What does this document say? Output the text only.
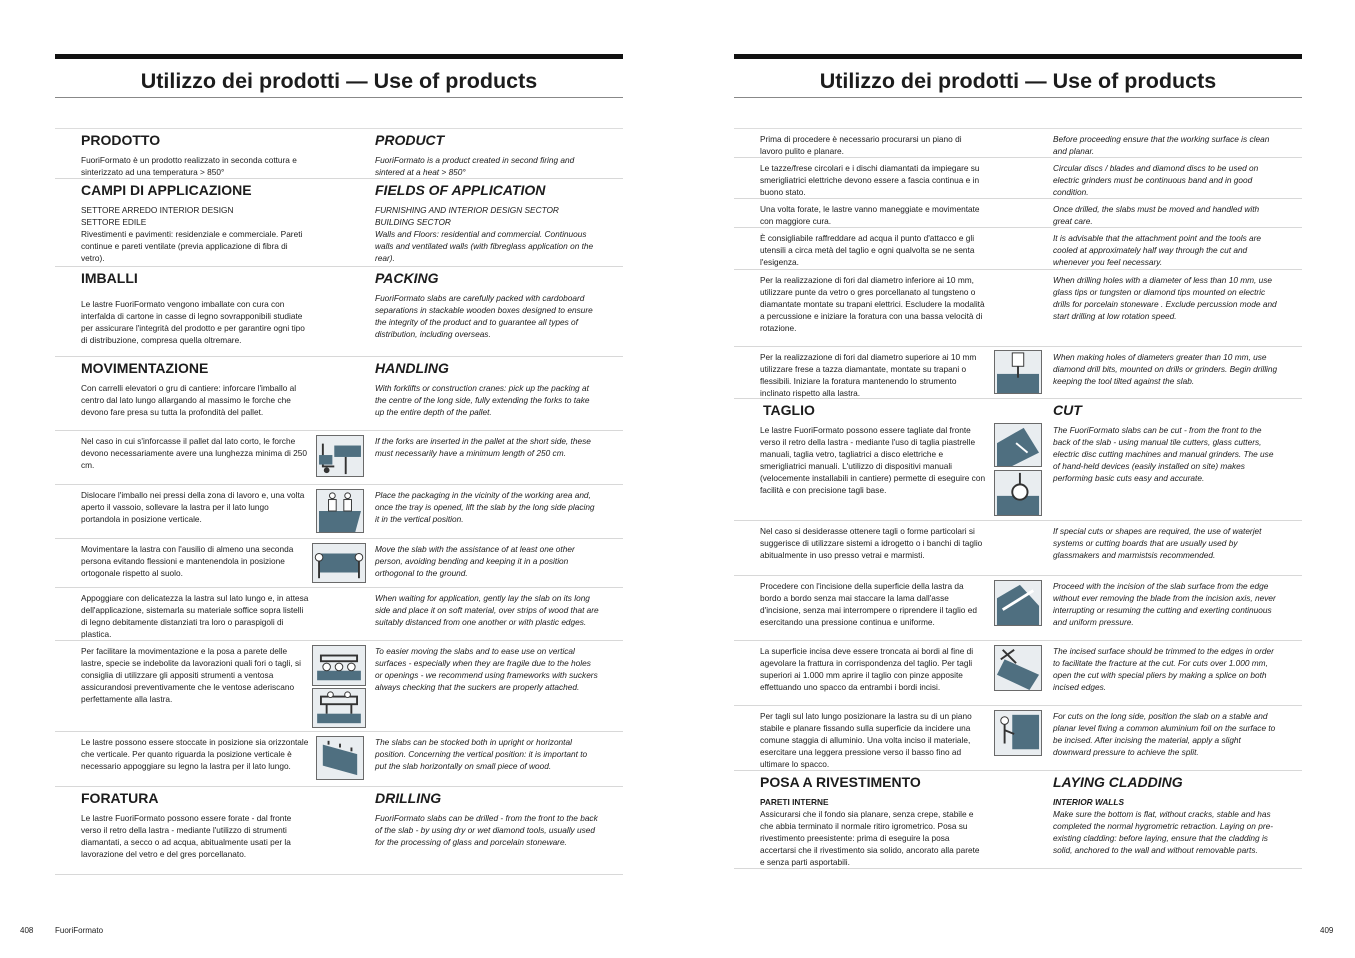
Utilizzo dei prodotti — Use of products
PRODOTTO	PRODUCT
FuoriFormato è un prodotto realizzato in seconda cottura e sinterizzato ad una temperatura > 850°
FuoriFormato is a product created in second firing and sintered at a heat > 850°
CAMPI DI APPLICAZIONE	FIELDS OF APPLICATION
SETTORE ARREDO INTERIOR DESIGN
SETTORE EDILE
Rivestimenti e pavimenti: residenziale e commerciale. Pareti continue e pareti ventilate (previa applicazione di fibra di vetro).
FURNISHING AND INTERIOR DESIGN SECTOR
BUILDING SECTOR
Walls and Floors: residential and commercial. Continuous walls and ventilated walls (with fibreglass application on the rear).
IMBALLI	PACKING
Le lastre FuoriFormato vengono imballate con cura con interfalda di cartone in casse di legno sovrapponibili studiate per assicurare l'integrità del prodotto e per garantire ogni tipo di distribuzione, compresa quella oltremare.
FuoriFormato slabs are carefully packed with cardoboard separations in stackable wooden boxes designed to ensure the integrity of the product and to guarantee all types of distribution, including overseas.
MOVIMENTAZIONE	HANDLING
Con carrelli elevatori o gru di cantiere: inforcare l'imballo al centro dal lato lungo allargando al massimo le forche che devono fare presa su tutta la profondità del pallet.
With forklifts or construction cranes: pick up the packing at the centre of the long side, fully extending the forks to take up the entire depth of the pallet.
Nel caso in cui s'inforcasse il pallet dal lato corto, le forche devono necessariamente avere una lunghezza minima di 250 cm.
If the forks are inserted in the pallet at the short side, these must necessarily have a minimum length of 250 cm.
Dislocare l'imballo nei pressi della zona di lavoro e, una volta aperto il vassoio, sollevare la lastra per il lato lungo portandola in posizione verticale.
Place the packaging in the vicinity of the working area and, once the tray is opened, lift the slab by the long side placing it in the vertical position.
Movimentare la lastra con l'ausilio di almeno una seconda persona evitando flessioni e mantenendola in posizione ortogonale rispetto al suolo.
Move the slab with the assistance of at least one other person, avoiding bending and keeping it in a position orthogonal to the ground.
Appoggiare con delicatezza la lastra sul lato lungo e, in attesa dell'applicazione, sistemarla su materiale soffice sopra listelli di legno debitamente distanziati tra loro o paraspigoli di plastica.
When waiting for application, gently lay the slab on its long side and place it on soft material, over strips of wood that are suitably distanced from one another or with plastic edges.
Per facilitare la movimentazione e la posa a parete delle lastre, specie se indebolite da lavorazioni quali fori o tagli, si consiglia di utilizzare gli appositi strumenti a ventosa assicurandosi preventivamente che le ventose aderiscano perfettamente alla lastra.
To easier moving the slabs and to ease use on vertical surfaces - especially when they are fragile due to the holes or openings - we recommend using frameworks with suckers always checking that the suckers are properly attached.
Le lastre possono essere stoccate in posizione sia orizzontale che verticale. Per quanto riguarda la posizione verticale è necessario appoggiare su legno la lastra per il lato lungo.
The slabs can be stocked both in upright or horizontal position. Concerning the vertical position: it is important to put the slab horizontally on small piece of wood.
FORATURA	DRILLING
Le lastre FuoriFormato possono essere forate - dal fronte verso il retro della lastra - mediante l'utilizzo di strumenti diamantati, a secco o ad acqua, abitualmente usati per la lavorazione del vetro e del gres porcellanato.
FuoriFormato slabs can be drilled - from the front to the back of the slab - by using dry or wet diamond tools, usually used for the processing of glass and porcelain stoneware.
408	FuoriFormato
Utilizzo dei prodotti — Use of products
Prima di procedere è necessario procurarsi un piano di lavoro pulito e planare.
Before proceeding ensure that the working surface is clean and planar.
Le tazze/frese circolari e i dischi diamantati da impiegare su smerigliatrici elettriche devono essere a fascia continua e in buono stato.
Circular discs / blades and diamond discs to be used on electric grinders must be continuous band and in good condition.
Una volta forate, le lastre vanno maneggiate e movimentate con maggiore cura.
Once drilled, the slabs must be moved and handled with great care.
È consigliabile raffreddare ad acqua il punto d'attacco e gli utensili a circa metà del taglio e ogni qualvolta se ne senta l'esigenza.
It is advisable that the attachment point and the tools are cooled at approximately half way through the cut and whenever you feel necessary.
Per la realizzazione di fori dal diametro inferiore ai 10 mm, utilizzare punte da vetro o gres porcellanato al tungsteno o diamantate montate su trapani elettrici. Escludere la modalità a percussione e iniziare la foratura con una bassa velocità di rotazione.
When drilling holes with a diameter of less than 10 mm, use glass tips or tungsten or diamond tips mounted on electric drills for porcelain stoneware . Exclude percussion mode and start drilling at low rotation speed.
Per la realizzazione di fori dal diametro superiore ai 10 mm utilizzare frese a tazza diamantate, montate su trapani o flessibili. Iniziare la foratura mantenendo lo strumento inclinato rispetto alla lastra.
When making holes of diameters greater than 10 mm, use diamond drill bits, mounted on drills or grinders. Begin drilling keeping the tool tilted against the slab.
TAGLIO	CUT
Le lastre FuoriFormato possono essere tagliate dal fronte verso il retro della lastra - mediante l'uso di taglia piastrelle manuali, taglia vetro, tagliatrici a disco elettriche e smerigliatrici manuali. L'utilizzo di dispositivi manuali (velocemente installabili in cantiere) permette di eseguire con facilità e con precisione tagli base.
The FuoriFormato slabs can be cut - from the front to the back of the slab - using manual tile cutters, glass cutters, electric disc cutting machines and manual grinders. The use of hand-held devices (easily installed on site) makes performing basic cuts easy and accurate.
Nel caso si desiderasse ottenere tagli o forme particolari si suggerisce di utilizzare sistemi a idrogetto o i banchi di taglio abitualmente in uso presso vetrai e marmisti.
If special cuts or shapes are required, the use of waterjet systems or cutting boards that are usually used by glassmakers and marmistsis recommended.
Procedere con l'incisione della superficie della lastra da bordo a bordo senza mai staccare la lama dall'asse d'incisione, senza mai interrompere o riprendere il taglio ed esercitando una pressione continua e uniforme.
Proceed with the incision of the slab surface from the edge without ever removing the blade from the incision axis, never interrupting or resuming the cutting and exerting continuous and uniform pressure.
La superficie incisa deve essere troncata ai bordi al fine di agevolare la frattura in corrispondenza del taglio. Per tagli superiori ai 1.000 mm aprire il taglio con pinze apposite effettuando uno spacco da entrambi i bordi incisi.
The incised surface should be trimmed to the edges in order to facilitate the fracture at the cut. For cuts over 1.000 mm, open the cut with special pliers by making a splice on both incised edges.
Per tagli sul lato lungo posizionare la lastra su di un piano stabile e planare fissando sulla superficie da incidere una comune staggia di alluminio. Una volta inciso il materiale, esercitare una leggera pressione verso il basso fino ad ultimare lo spacco.
For cuts on the long side, position the slab on a stable and planar level fixing a common aluminium foil on the surface to be incised. After incising the material, apply a slight downward pressure to achieve the split.
POSA A RIVESTIMENTO	LAYING CLADDING
PARETI INTERNE
Assicurarsi che il fondo sia planare, senza crepe, stabile e che abbia terminato il normale ritiro igrometrico. Posa su rivestimento preesistente: prima di eseguire la posa accertarsi che il rivestimento sia solido, ancorato alla parete e senza parti asportabili.
INTERIOR WALLS
Make sure the bottom is flat, without cracks, stable and has completed the normal hygrometric retraction. Laying on pre-existing cladding: before laying, ensure that the cladding is solid, anchored to the wall and without removable parts.
409
